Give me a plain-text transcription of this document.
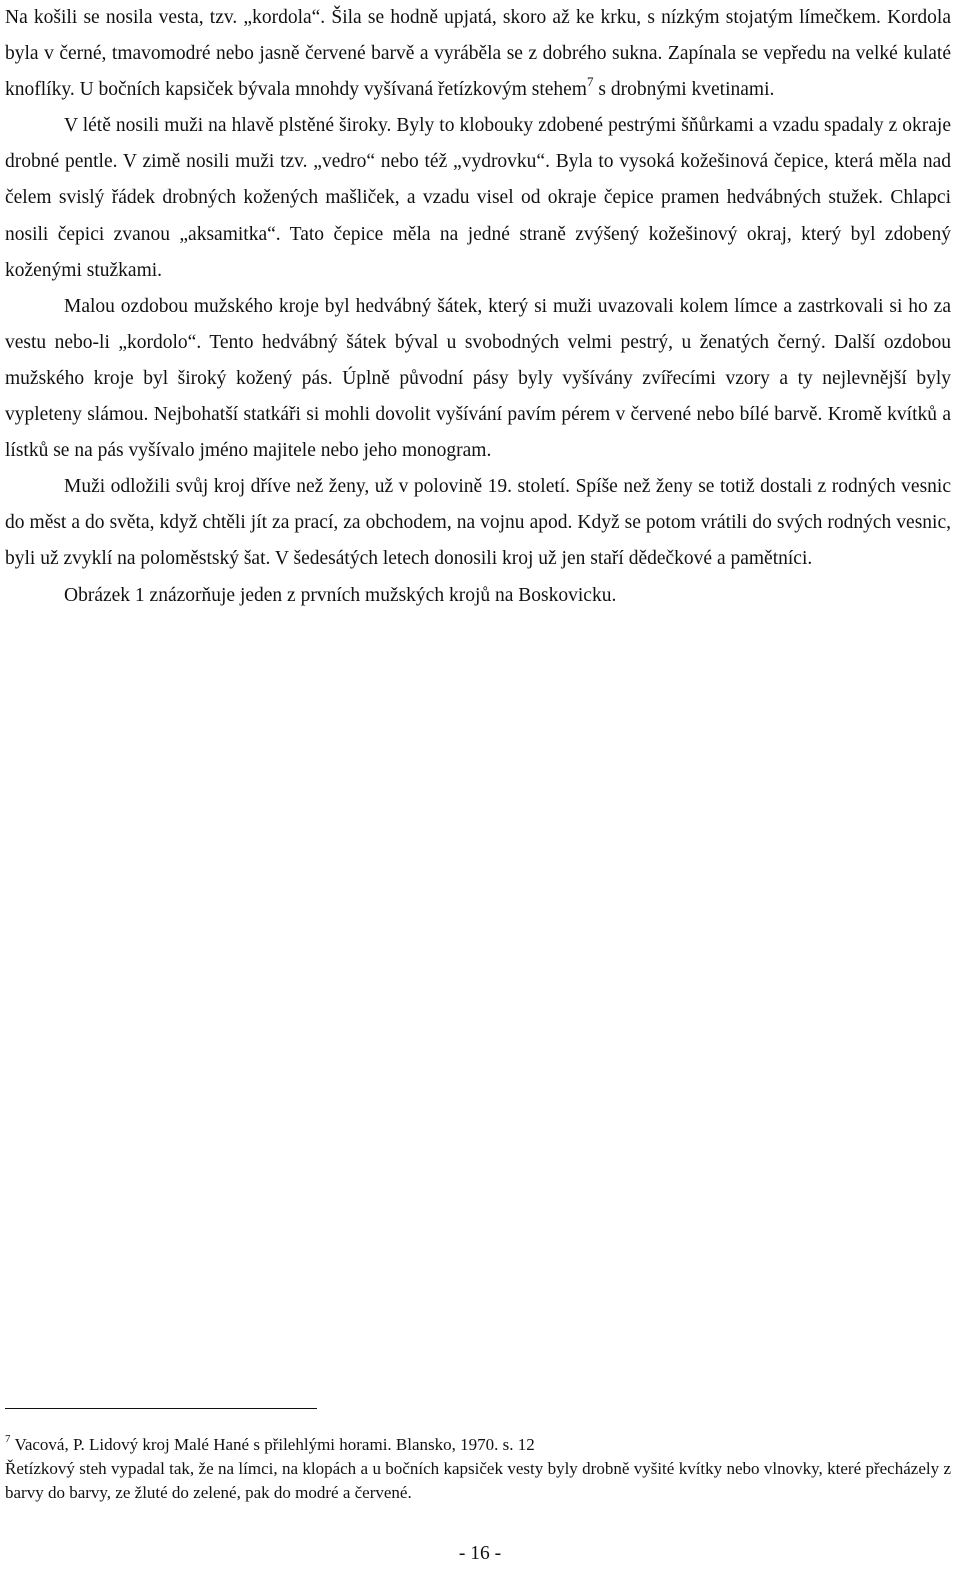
Na košili se nosila vesta, tzv. „kordola“. Šila se hodně upjatá, skoro až ke krku, s nízkým stojatým límečkem. Kordola byla v černé, tmavomodré nebo jasně červené barvě a vyráběla se z dobrého sukna. Zapínala se vepředu na velké kulaté knoflíky. U bočních kapsiček bývala mnohdy vyšívaná řetízkovým stehem$^7$ s drobnými kvetinami.

V létě nosili muži na hlavě plstěné široky. Byly to klobouky zdobené pestrými šňůrkami a vzadu spadaly z okraje drobné pentle. V zimě nosili muži tzv. „vedro“ nebo též „vydrovku“. Byla to vysoká kožešinová čepice, která měla nad čelem svislý řádek drobných kožených mašliček, a vzadu visel od okraje čepice pramen hedvábných stužek. Chlapci nosili čepici zvanou „aksamitka“. Tato čepice měla na jedné straně zvýšený kožešinový okraj, který byl zdobený koženými stužkami.

Malou ozdobou mužského kroje byl hedvábný šátek, který si muži uvazovali kolem límce a zastrkovali si ho za vestu nebo-li „kordolo“. Tento hedvábný šátek býval u svobodných velmi pestrý, u ženatých černý. Další ozdobou mužského kroje byl široký kožený pás. Úplně původní pásy byly vyšívány zvířecími vzory a ty nejlevnější byly vypleteny slámou. Nejbohatší statkáři si mohli dovolit vyšívání pavím pérem v červené nebo bílé barvě. Kromě kvítků a lístků se na pás vyšívalo jméno majitele nebo jeho monogram.

Muži odložili svůj kroj dříve než ženy, už v polovině 19. století. Spíše než ženy se totiž dostali z rodných vesnic do měst a do světa, když chtěli jít za prací, za obchodem, na vojnu apod. Když se potom vrátili do svých rodných vesnic, byli už zvyklí na poloměstský šat. V šedesátých letech donosili kroj už jen staří dědečkové a pamětníci.

Obrázek 1 znázorňuje jeden z prvních mužských krojů na Boskovicku.

$^7$ Vacová, P. Lidový kroj Malé Hané s přilehlými horami. Blansko, 1970. s. 12

Řetízkový steh vypadal tak, že na límci, na klopách a u bočních kapsiček vesty byly drobně vyšité kvítky nebo vlnovky, které přecházely z barvy do barvy, ze žluté do zelené, pak do modré a červené.

- 16 -
